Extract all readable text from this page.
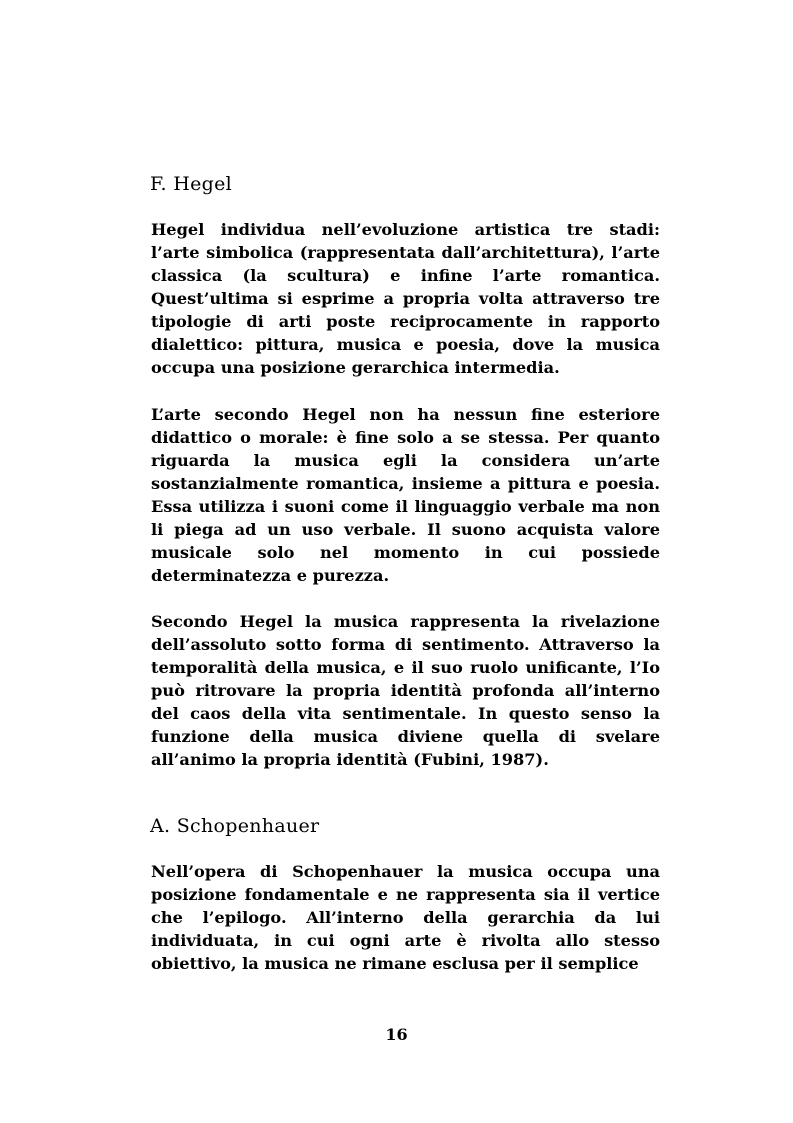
F. Hegel

Hegel individua nell’evoluzione artistica tre stadi: l’arte simbolica (rappresentata dall’architettura), l’arte classica (la scultura) e infine l’arte romantica. Quest’ultima si esprime a propria volta attraverso tre tipologie di arti poste reciprocamente in rapporto dialettico: pittura, musica e poesia, dove la musica occupa una posizione gerarchica intermedia.

L’arte secondo Hegel non ha nessun fine esteriore didattico o morale: è fine solo a se stessa. Per quanto riguarda la musica egli la considera un’arte sostanzialmente romantica, insieme a pittura e poesia. Essa utilizza i suoni come il linguaggio verbale ma non li piega ad un uso verbale. Il suono acquista valore musicale solo nel momento in cui possiede determinatezza e purezza.

Secondo Hegel la musica rappresenta la rivelazione dell’assoluto sotto forma di sentimento. Attraverso la temporalità della musica, e il suo ruolo unificante, l’Io può ritrovare la propria identità profonda all’interno del caos della vita sentimentale. In questo senso la funzione della musica diviene quella di svelare all’animo la propria identità (Fubini, 1987).

A. Schopenhauer

Nell’opera di Schopenhauer la musica occupa una posizione fondamentale e ne rappresenta sia il vertice che l’epilogo. All’interno della gerarchia da lui individuata, in cui ogni arte è rivolta allo stesso obiettivo, la musica ne rimane esclusa per il semplice

16
